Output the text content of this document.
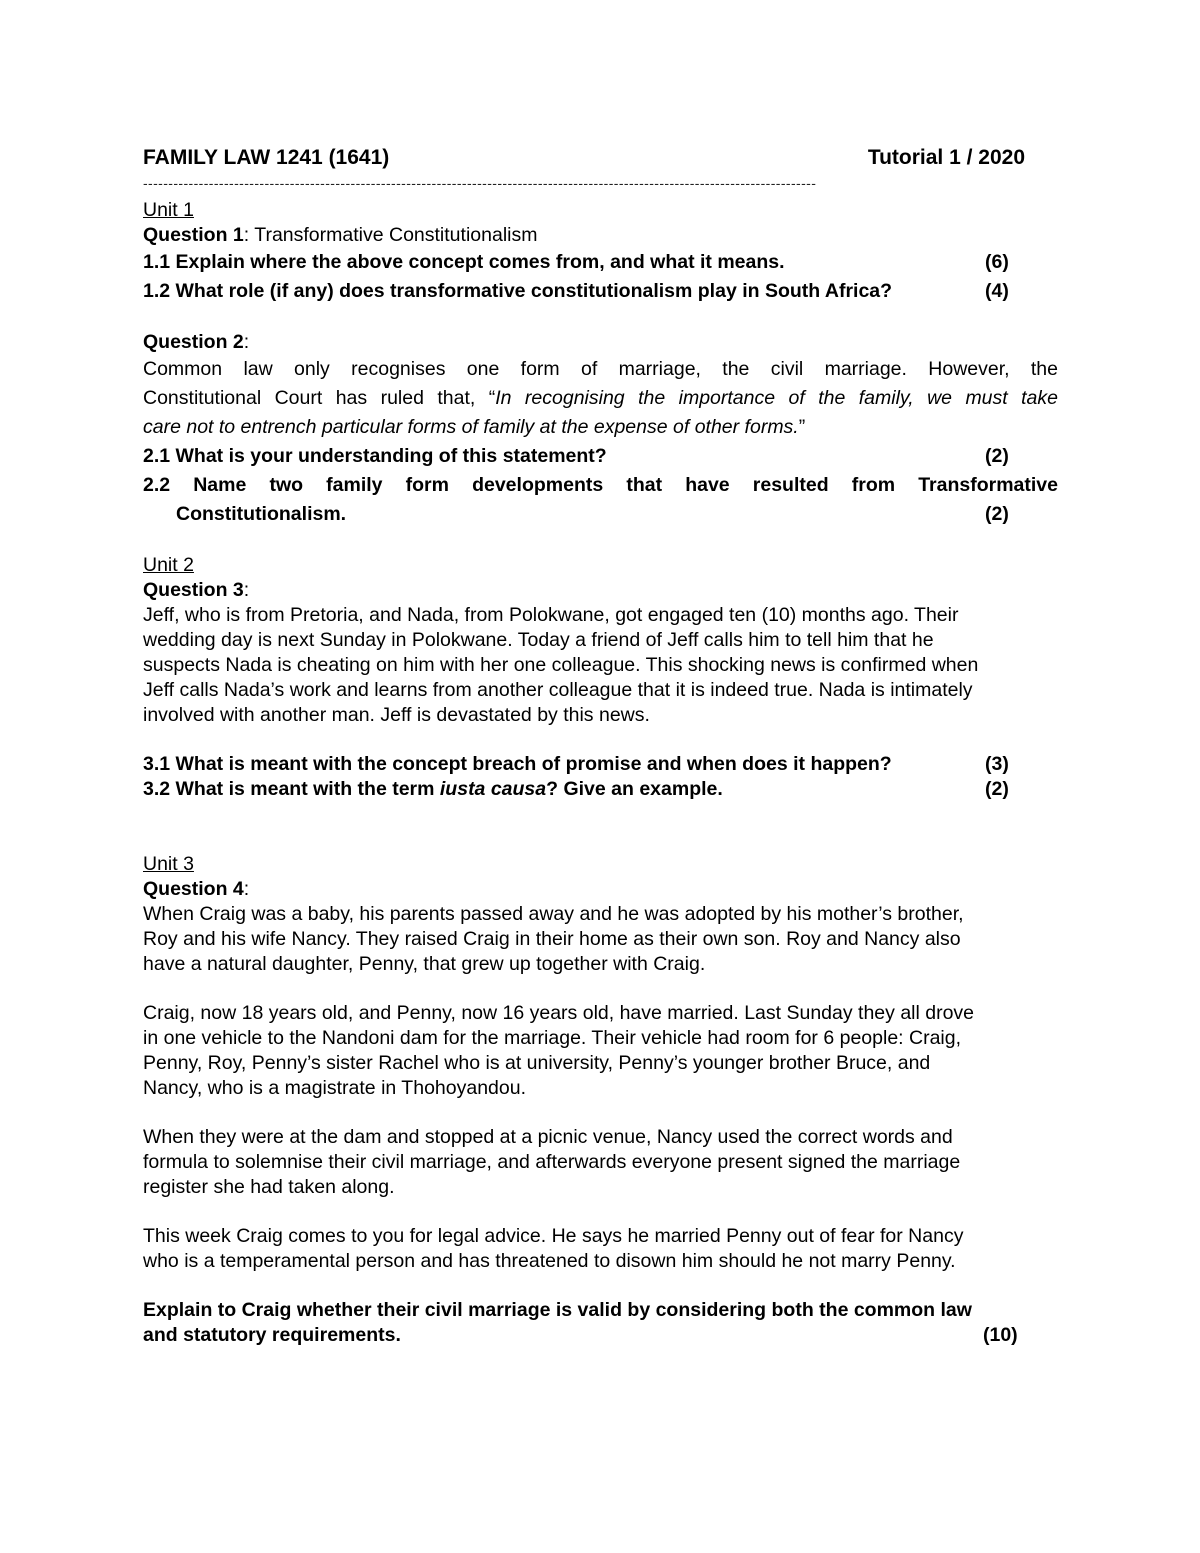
FAMILY LAW 1241 (1641)	Tutorial 1 / 2020
-------------------------------------------------------------------------------------------------------------------------------------
Unit 1
Question 1: Transformative Constitutionalism
1.1 Explain where the above concept comes from, and what it means.	(6)
1.2 What role (if any) does transformative constitutionalism play in South Africa?	(4)
Question 2:
Common law only recognises one form of marriage, the civil marriage. However, the
Constitutional Court has ruled that, “In recognising the importance of the family, we must take
care not to entrench particular forms of family at the expense of other forms.”
2.1 What is your understanding of this statement?	(2)
2.2 Name two family form developments that have resulted from Transformative
Constitutionalism.	(2)
Unit 2
Question 3:
Jeff, who is from Pretoria, and Nada, from Polokwane, got engaged ten (10) months ago. Their
wedding day is next Sunday in Polokwane. Today a friend of Jeff calls him to tell him that he
suspects Nada is cheating on him with her one colleague. This shocking news is confirmed when
Jeff calls Nada’s work and learns from another colleague that it is indeed true. Nada is intimately
involved with another man. Jeff is devastated by this news.
3.1 What is meant with the concept breach of promise and when does it happen?	(3)
3.2 What is meant with the term iusta causa? Give an example.	(2)
Unit 3
Question 4:
When Craig was a baby, his parents passed away and he was adopted by his mother’s brother,
Roy and his wife Nancy. They raised Craig in their home as their own son. Roy and Nancy also
have a natural daughter, Penny, that grew up together with Craig.
Craig, now 18 years old, and Penny, now 16 years old, have married. Last Sunday they all drove
in one vehicle to the Nandoni dam for the marriage. Their vehicle had room for 6 people: Craig,
Penny, Roy, Penny’s sister Rachel who is at university, Penny’s younger brother Bruce, and
Nancy, who is a magistrate in Thohoyandou.
When they were at the dam and stopped at a picnic venue, Nancy used the correct words and
formula to solemnise their civil marriage, and afterwards everyone present signed the marriage
register she had taken along.
This week Craig comes to you for legal advice. He says he married Penny out of fear for Nancy
who is a temperamental person and has threatened to disown him should he not marry Penny.
Explain to Craig whether their civil marriage is valid by considering both the common law
and statutory requirements.	(10)
